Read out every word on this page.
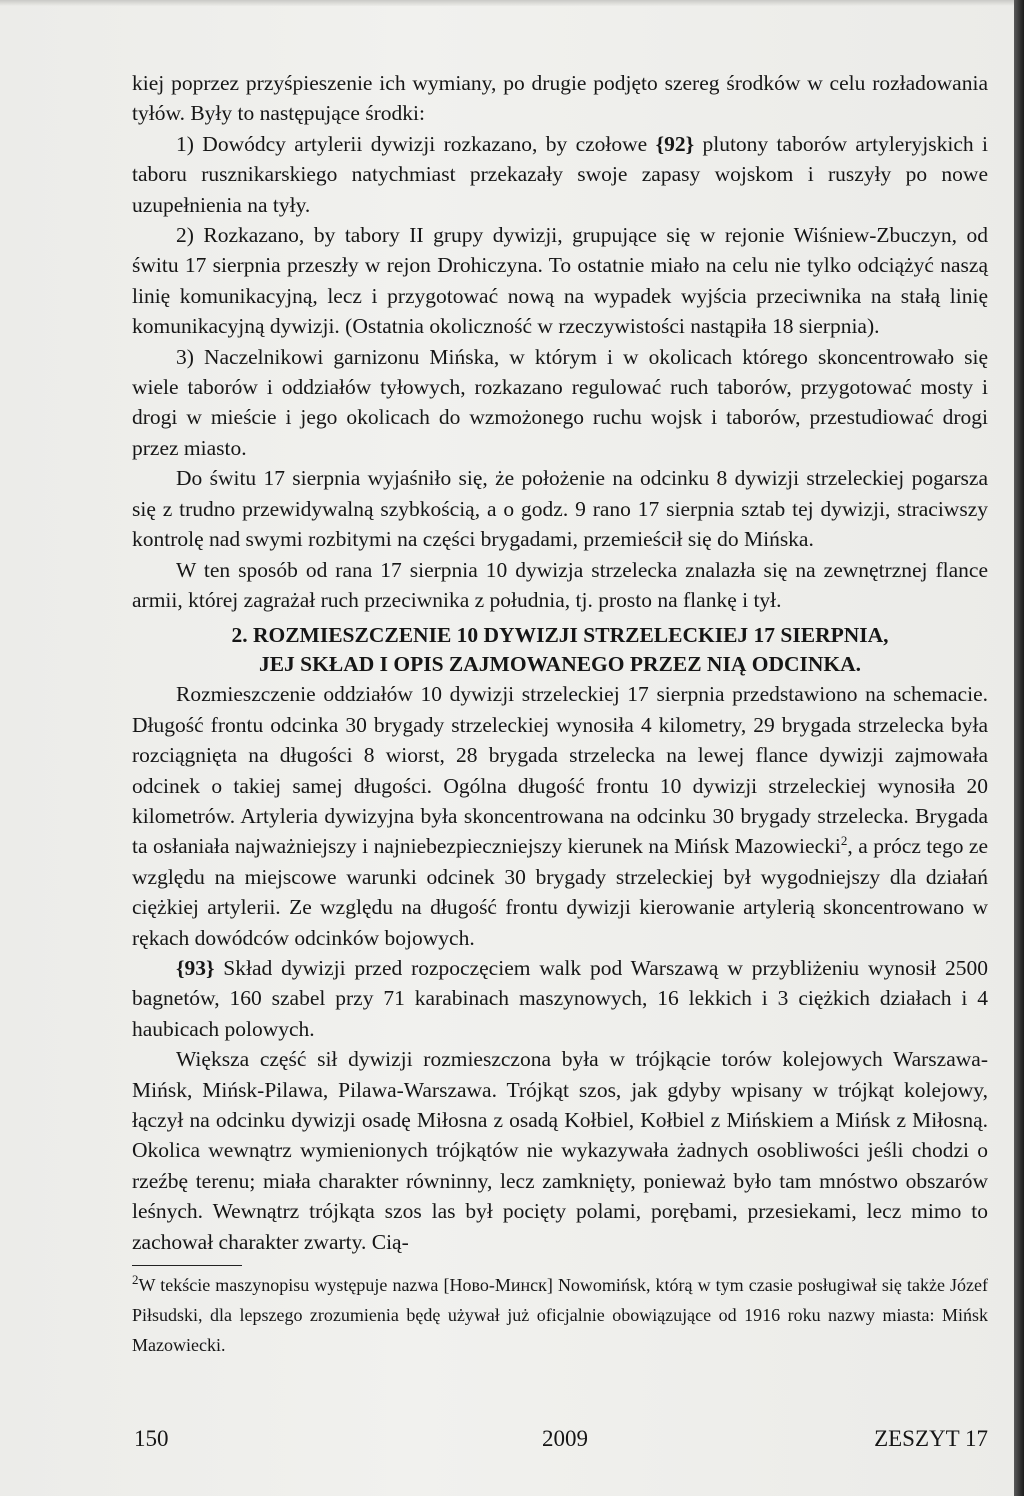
kiej poprzez przyśpieszenie ich wymiany, po drugie podjęto szereg środków w celu rozładowania tyłów. Były to następujące środki:

1) Dowódcy artylerii dywizji rozkazano, by czołowe {92} plutony taborów artyleryjskich i taboru rusznikarskiego natychmiast przekazały swoje zapasy wojskom i ruszyły po nowe uzupełnienia na tyły.

2) Rozkazano, by tabory II grupy dywizji, grupujące się w rejonie Wiśniew-Zbuczyn, od świtu 17 sierpnia przeszły w rejon Drohiczyna. To ostatnie miało na celu nie tylko odciążyć naszą linię komunikacyjną, lecz i przygotować nową na wypadek wyjścia przeciwnika na stałą linię komunikacyjną dywizji. (Ostatnia okoliczność w rzeczywistości nastąpiła 18 sierpnia).

3) Naczelnikowi garnizonu Mińska, w którym i w okolicach którego skoncentrowało się wiele taborów i oddziałów tyłowych, rozkazano regulować ruch taborów, przygotować mosty i drogi w mieście i jego okolicach do wzmożonego ruchu wojsk i taborów, przestudiować drogi przez miasto.

Do świtu 17 sierpnia wyjaśniło się, że położenie na odcinku 8 dywizji strzeleckiej pogarsza się z trudno przewidywalną szybkością, a o godz. 9 rano 17 sierpnia sztab tej dywizji, straciwszy kontrolę nad swymi rozbitymi na części brygadami, przemieścił się do Mińska.

W ten sposób od rana 17 sierpnia 10 dywizja strzelecka znalazła się na zewnętrznej flance armii, której zagrażał ruch przeciwnika z południa, tj. prosto na flankę i tył.

2. ROZMIESZCZENIE 10 DYWIZJI STRZELECKIEJ 17 SIERPNIA,
JEJ SKŁAD I OPIS ZAJMOWANEGO PRZEZ NIĄ ODCINKA.

Rozmieszczenie oddziałów 10 dywizji strzeleckiej 17 sierpnia przedstawiono na schemacie. Długość frontu odcinka 30 brygady strzeleckiej wynosiła 4 kilometry, 29 brygada strzelecka była rozciągnięta na długości 8 wiorst, 28 brygada strzelecka na lewej flance dywizji zajmowała odcinek o takiej samej długości. Ogólna długość frontu 10 dywizji strzeleckiej wynosiła 20 kilometrów. Artyleria dywizyjna była skoncentrowana na odcinku 30 brygady strzelecka. Brygada ta osłaniała najważniejszy i najniebezpieczniejszy kierunek na Mińsk Mazowiecki$^2$, a prócz tego ze względu na miejscowe warunki odcinek 30 brygady strzeleckiej był wygodniejszy dla działań ciężkiej artylerii. Ze względu na długość frontu dywizji kierowanie artylerią skoncentrowano w rękach dowódców odcinków bojowych.

{93} Skład dywizji przed rozpoczęciem walk pod Warszawą w przybliżeniu wynosił 2500 bagnetów, 160 szabel przy 71 karabinach maszynowych, 16 lekkich i 3 ciężkich działach i 4 haubicach polowych.

Większa część sił dywizji rozmieszczona była w trójkącie torów kolejowych Warszawa-Mińsk, Mińsk-Pilawa, Pilawa-Warszawa. Trójkąt szos, jak gdyby wpisany w trójkąt kolejowy, łączył na odcinku dywizji osadę Miłosna z osadą Kołbiel, Kołbiel z Mińskiem a Mińsk z Miłosną. Okolica wewnątrz wymienionych trójkątów nie wykazywała żadnych osobliwości jeśli chodzi o rzeźbę terenu; miała charakter równinny, lecz zamknięty, ponieważ było tam mnóstwo obszarów leśnych. Wewnątrz trójkąta szos las był pocięty polami, porębami, przesiekami, lecz mimo to zachował charakter zwarty. Cią-

$^2$W tekście maszynopisu występuje nazwa [Ново-Минск] Nowomińsk, którą w tym czasie posługiwał się także Józef Piłsudski, dla lepszego zrozumienia będę używał już oficjalnie obowiązujące od 1916 roku nazwy miasta: Mińsk Mazowiecki.

150	2009	ZESZYT 17
